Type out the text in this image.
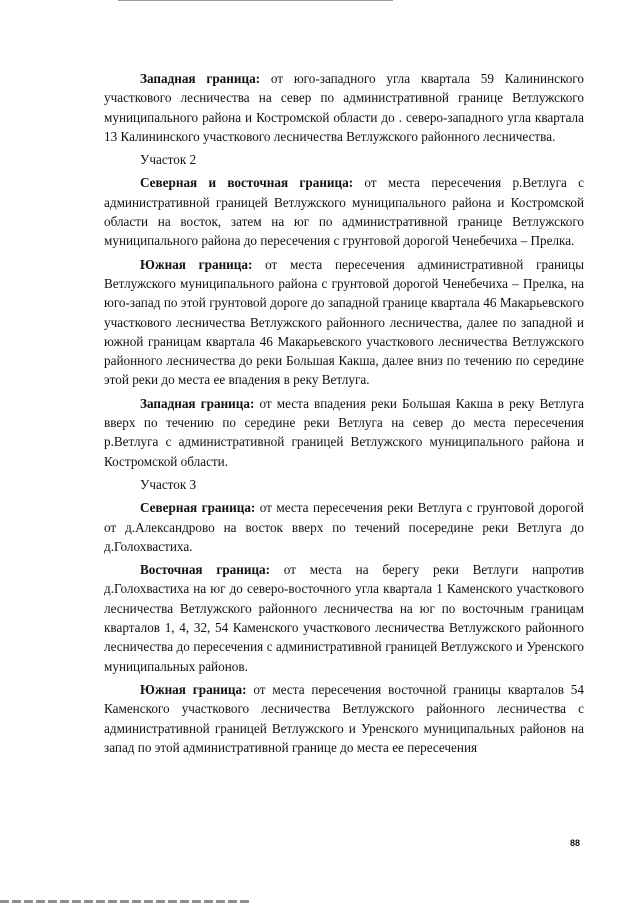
Западная граница: от юго-западного угла квартала 59 Калининского участкового лесничества на север по административной границе Ветлужского муниципального района и Костромской области до . северо-западного угла квартала 13 Калининского участкового лесничества Ветлужского районного лесничества.

Участок 2

Северная и восточная граница: от места пересечения р.Ветлуга с административной границей Ветлужского муниципального района и Костромской области на восток, затем на юг по административной границе Ветлужского муниципального района до пересечения с грунтовой дорогой Ченебечиха – Прелка.

Южная граница: от места пересечения административной границы Ветлужского муниципального района с грунтовой дорогой Ченебечиха – Прелка, на юго-запад по этой грунтовой дороге до западной границе квартала 46 Макарьевского участкового лесничества Ветлужского районного лесничества, далее по западной и южной границам квартала 46 Макарьевского участкового лесничества Ветлужского районного лесничества до реки Большая Какша, далее вниз по течению по середине этой реки до места ее впадения в реку Ветлуга.

Западная граница: от места впадения реки Большая Какша в реку Ветлуга вверх по течению по середине реки Ветлуга на север до места пересечения р.Ветлуга с административной границей Ветлужского муниципального района и Костромской области.

Участок 3

Северная граница: от места пересечения реки Ветлуга с грунтовой дорогой от д.Александрово на восток вверх по течений посередине реки Ветлуга до д.Голохвастиха.

Восточная граница: от места на берегу реки Ветлуги напротив д.Голохвастиха на юг до северо-восточного угла квартала 1 Каменского участкового лесничества Ветлужского районного лесничества на юг по восточным границам кварталов 1, 4, 32, 54 Каменского участкового лесничества Ветлужского районного лесничества до пересечения с административной границей Ветлужского и Уренского муниципальных районов.

Южная граница: от места пересечения восточной границы кварталов 54 Каменского участкового лесничества Ветлужского районного лесничества с административной границей Ветлужского и Уренского муниципальных районов на запад по этой административной границе до места ее пересечения

88
